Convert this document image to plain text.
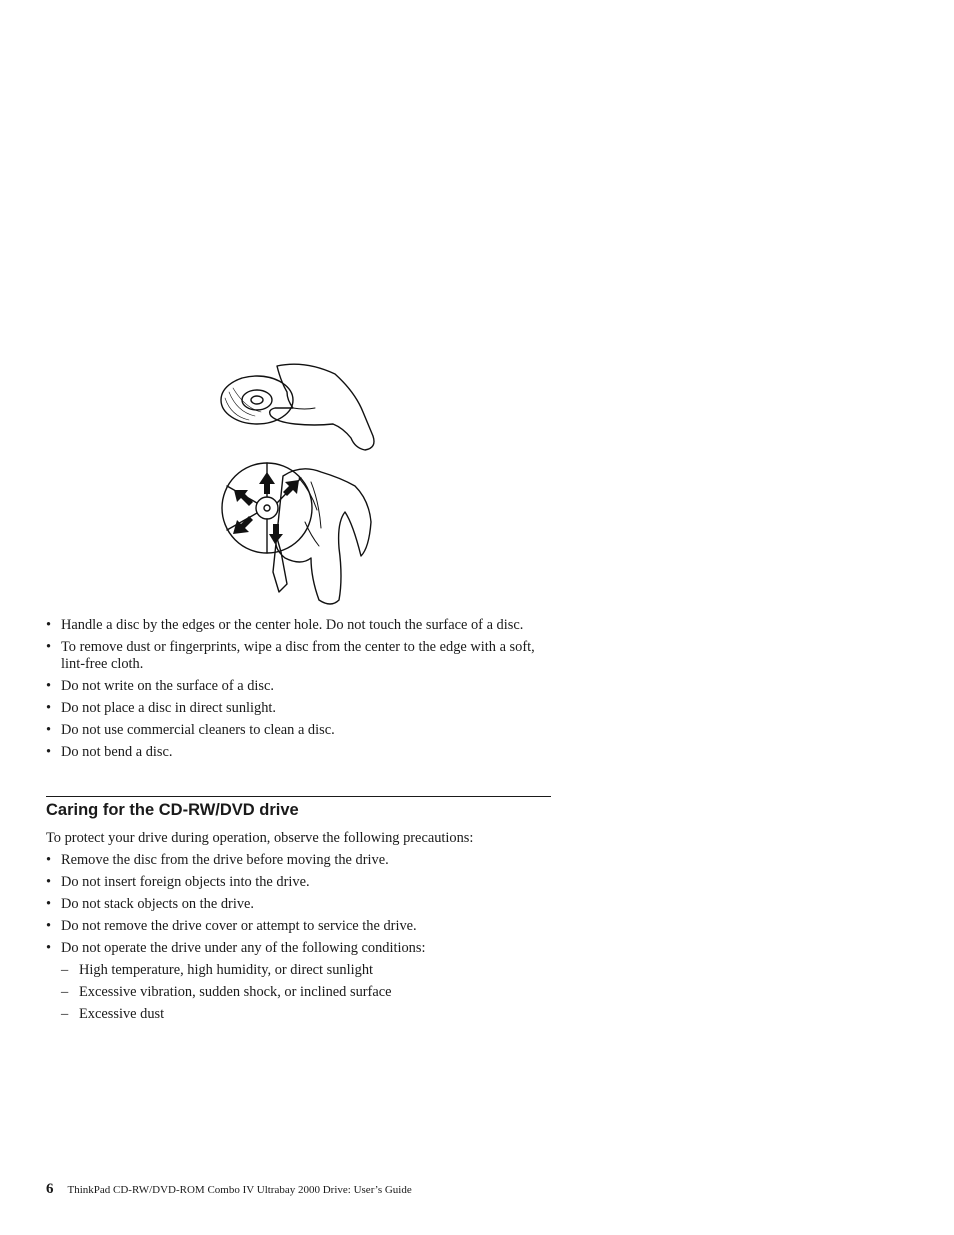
• Handle a disc by the edges or the center hole. Do not touch the surface of a disc.
• To remove dust or fingerprints, wipe a disc from the center to the edge with a soft, lint-free cloth.
• Do not write on the surface of a disc.
• Do not place a disc in direct sunlight.
• Do not use commercial cleaners to clean a disc.
• Do not bend a disc.
Caring for the CD-RW/DVD drive

To protect your drive during operation, observe the following precautions:

• Remove the disc from the drive before moving the drive.
• Do not insert foreign objects into the drive.
• Do not stack objects on the drive.
• Do not remove the drive cover or attempt to service the drive.
• Do not operate the drive under any of the following conditions:
– High temperature, high humidity, or direct sunlight
– Excessive vibration, sudden shock, or inclined surface
– Excessive dust
6 ThinkPad CD-RW/DVD-ROM Combo IV Ultrabay 2000 Drive: User’s Guide
